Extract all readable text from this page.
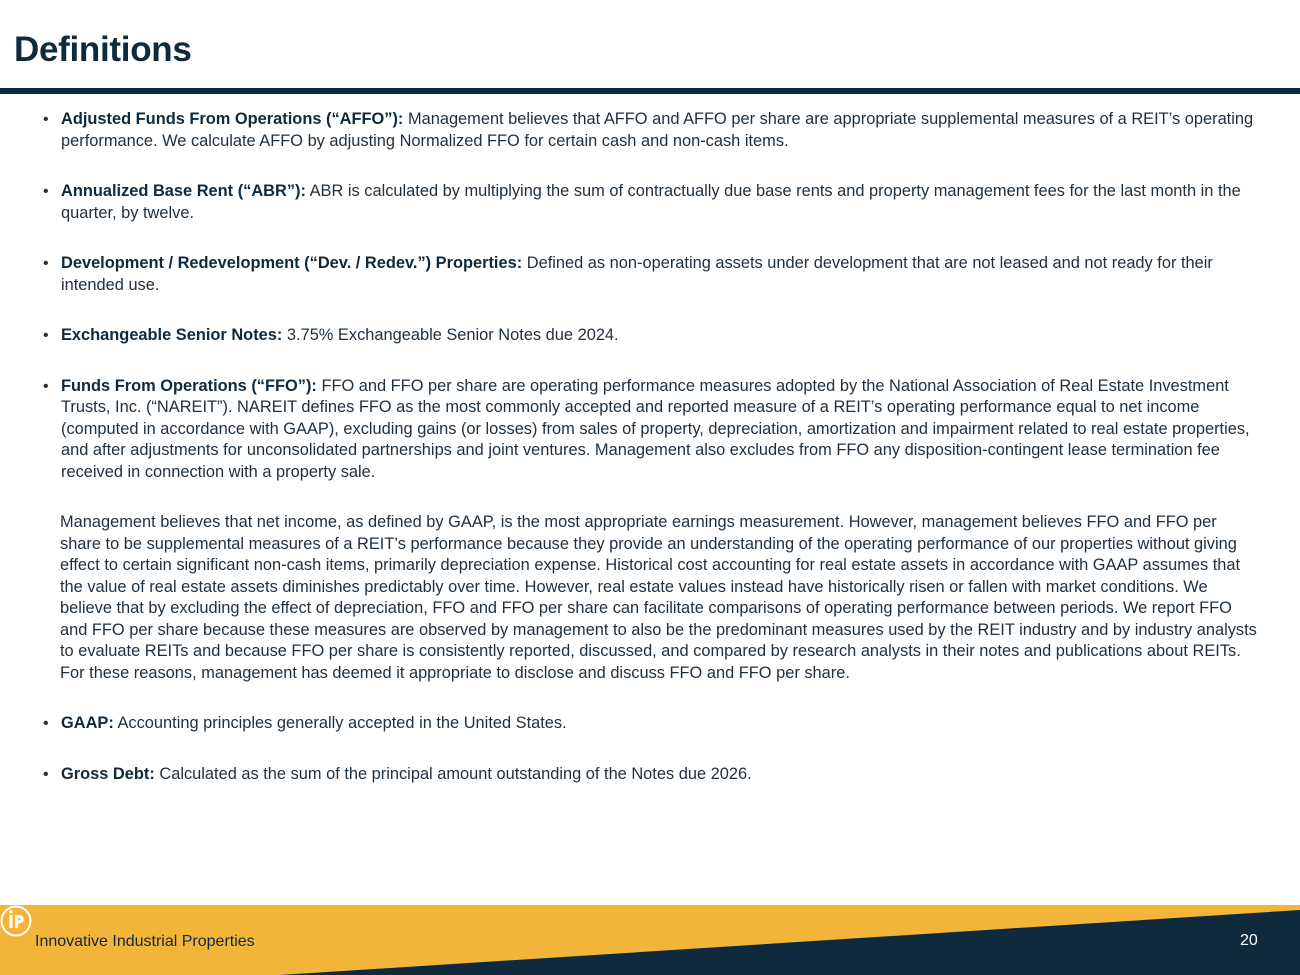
Definitions
• Adjusted Funds From Operations (“AFFO”): Management believes that AFFO and AFFO per share are appropriate supplemental measures of a REIT’s operating performance. We calculate AFFO by adjusting Normalized FFO for certain cash and non-cash items.
• Annualized Base Rent (“ABR”): ABR is calculated by multiplying the sum of contractually due base rents and property management fees for the last month in the quarter, by twelve.
• Development / Redevelopment (“Dev. / Redev.”) Properties: Defined as non-operating assets under development that are not leased and not ready for their intended use.
• Exchangeable Senior Notes: 3.75% Exchangeable Senior Notes due 2024.
• Funds From Operations (“FFO”): FFO and FFO per share are operating performance measures adopted by the National Association of Real Estate Investment Trusts, Inc. (“NAREIT”). NAREIT defines FFO as the most commonly accepted and reported measure of a REIT’s operating performance equal to net income (computed in accordance with GAAP), excluding gains (or losses) from sales of property, depreciation, amortization and impairment related to real estate properties, and after adjustments for unconsolidated partnerships and joint ventures. Management also excludes from FFO any disposition-contingent lease termination fee received in connection with a property sale.
Management believes that net income, as defined by GAAP, is the most appropriate earnings measurement. However, management believes FFO and FFO per share to be supplemental measures of a REIT’s performance because they provide an understanding of the operating performance of our properties without giving effect to certain significant non-cash items, primarily depreciation expense. Historical cost accounting for real estate assets in accordance with GAAP assumes that the value of real estate assets diminishes predictably over time. However, real estate values instead have historically risen or fallen with market conditions. We believe that by excluding the effect of depreciation, FFO and FFO per share can facilitate comparisons of operating performance between periods. We report FFO and FFO per share because these measures are observed by management to also be the predominant measures used by the REIT industry and by industry analysts to evaluate REITs and because FFO per share is consistently reported, discussed, and compared by research analysts in their notes and publications about REITs. For these reasons, management has deemed it appropriate to disclose and discuss FFO and FFO per share.
• GAAP: Accounting principles generally accepted in the United States.
• Gross Debt: Calculated as the sum of the principal amount outstanding of the Notes due 2026.
Innovative Industrial Properties	20
